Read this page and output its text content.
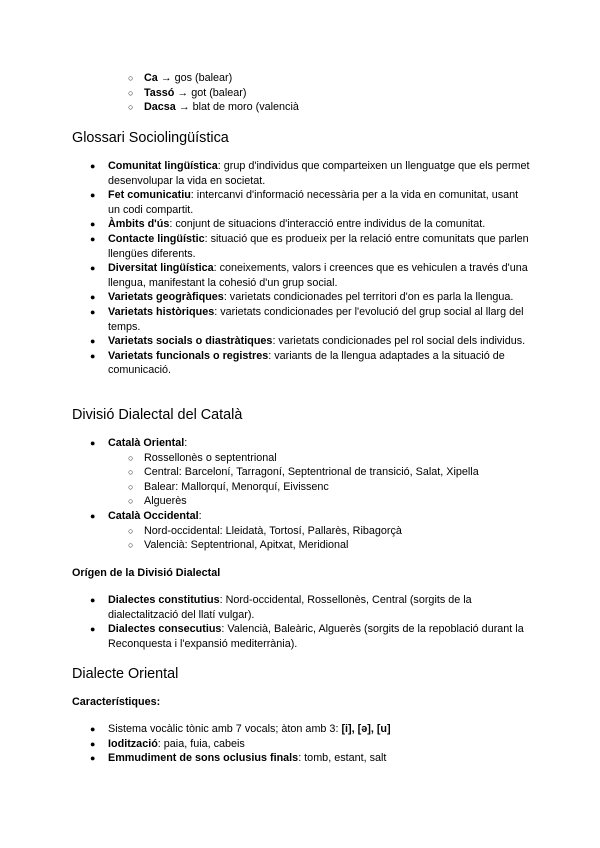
○ Ca → gos (balear)
○ Tassó → got (balear)
○ Dacsa → blat de moro (valencià
Glossari Sociolingüística
● Comunitat lingüística: grup d'individus que comparteixen un llenguatge que els permet desenvolupar la vida en societat.
● Fet comunicatiu: intercanvi d'informació necessària per a la vida en comunitat, usant un codi compartit.
● Àmbits d'ús: conjunt de situacions d'interacció entre individus de la comunitat.
● Contacte lingüístic: situació que es produeix per la relació entre comunitats que parlen llengües diferents.
● Diversitat lingüística: coneixements, valors i creences que es vehiculen a través d'una llengua, manifestant la cohesió d'un grup social.
● Varietats geogràfiques: varietats condicionades pel territori d'on es parla la llengua.
● Varietats històriques: varietats condicionades per l'evolució del grup social al llarg del temps.
● Varietats socials o diastràtiques: varietats condicionades pel rol social dels individus.
● Varietats funcionals o registres: variants de la llengua adaptades a la situació de comunicació.
Divisió Dialectal del Català
● Català Oriental:
○ Rossellonès o septentrional
○ Central: Barceloní, Tarragoní, Septentrional de transició, Salat, Xipella
○ Balear: Mallorquí, Menorquí, Eivissenc
○ Alguerès
● Català Occidental:
○ Nord-occidental: Lleidatà, Tortosí, Pallarès, Ribagorçà
○ Valencià: Septentrional, Apitxat, Meridional
Orígen de la Divisió Dialectal
● Dialectes constitutius: Nord-occidental, Rossellonès, Central (sorgits de la dialectalització del llatí vulgar).
● Dialectes consecutius: Valencià, Baleàric, Alguerès (sorgits de la repoblació durant la Reconquesta i l'expansió mediterrània).
Dialecte Oriental
Característiques:
● Sistema vocàlic tònic amb 7 vocals; àton amb 3: [i], [ə], [u]
● Iodització: paia, fuia, cabeis
● Emmudiment de sons oclusius finals: tomb, estant, salt
